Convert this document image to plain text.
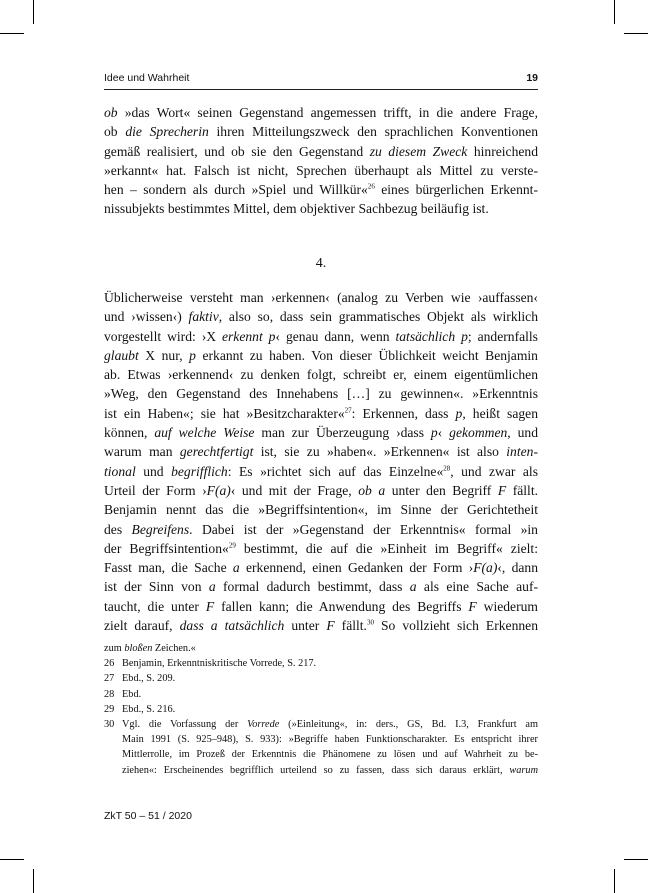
Idee und Wahrheit	19
ob »das Wort« seinen Gegenstand angemessen trifft, in die andere Frage,
ob die Sprecherin ihren Mitteilungszweck den sprachlichen Konventionen
gemäß realisiert, und ob sie den Gegenstand zu diesem Zweck hinreichend
»erkannt« hat. Falsch ist nicht, Sprechen überhaupt als Mittel zu verste-
hen – sondern als durch »Spiel und Willkür«$^{26}$ eines bürgerlichen Erkennt-
nissubjekts bestimmtes Mittel, dem objektiver Sachbezug beiläufig ist.
4.
Üblicherweise versteht man ›erkennen‹ (analog zu Verben wie ›auffassen‹
und ›wissen‹) faktiv, also so, dass sein grammatisches Objekt als wirklich
vorgestellt wird: ›X erkennt p‹ genau dann, wenn tatsächlich p; andernfalls
glaubt X nur, p erkannt zu haben. Von dieser Üblichkeit weicht Benjamin
ab. Etwas ›erkennend‹ zu denken folgt, schreibt er, einem eigentümlichen
»Weg, den Gegenstand des Innehabens […] zu gewinnen«. »Erkenntnis
ist ein Haben«; sie hat »Besitzcharakter«$^{27}$: Erkennen, dass p, heißt sagen
können, auf welche Weise man zur Überzeugung ›dass p‹ gekommen, und
warum man gerechtfertigt ist, sie zu »haben«. »Erkennen« ist also inten-
tional und begrifflich: Es »richtet sich auf das Einzelne«$^{28}$, und zwar als
Urteil der Form ›F(a)‹ und mit der Frage, ob a unter den Begriff F fällt.
Benjamin nennt das die »Begriffsintention«, im Sinne der Gerichtetheit
des Begreifens. Dabei ist der »Gegenstand der Erkenntnis« formal »in
der Begriffsintention«$^{29}$ bestimmt, die auf die »Einheit im Begriff« zielt:
Fasst man, die Sache a erkennend, einen Gedanken der Form ›F(a)‹, dann
ist der Sinn von a formal dadurch bestimmt, dass a als eine Sache auf-
taucht, die unter F fallen kann; die Anwendung des Begriffs F wiederum
zielt darauf, dass a tatsächlich unter F fällt.$^{30}$ So vollzieht sich Erkennen
zum bloßen Zeichen.«
26 Benjamin, Erkenntniskritische Vorrede, S. 217.
27 Ebd., S. 209.
28 Ebd.
29 Ebd., S. 216.
30 Vgl. die Vorfassung der Vorrede (»Einleitung«, in: ders., GS, Bd. I.3, Frankfurt am
Main 1991 (S. 925–948), S. 933): »Begriffe haben Funktionscharakter. Es entspricht ihrer
Mittlerrolle, im Prozeß der Erkenntnis die Phänomene zu lösen und auf Wahrheit zu be-
ziehen«: Erscheinendes begrifflich urteilend so zu fassen, dass sich daraus erklärt, warum
ZkT 50 – 51 / 2020
